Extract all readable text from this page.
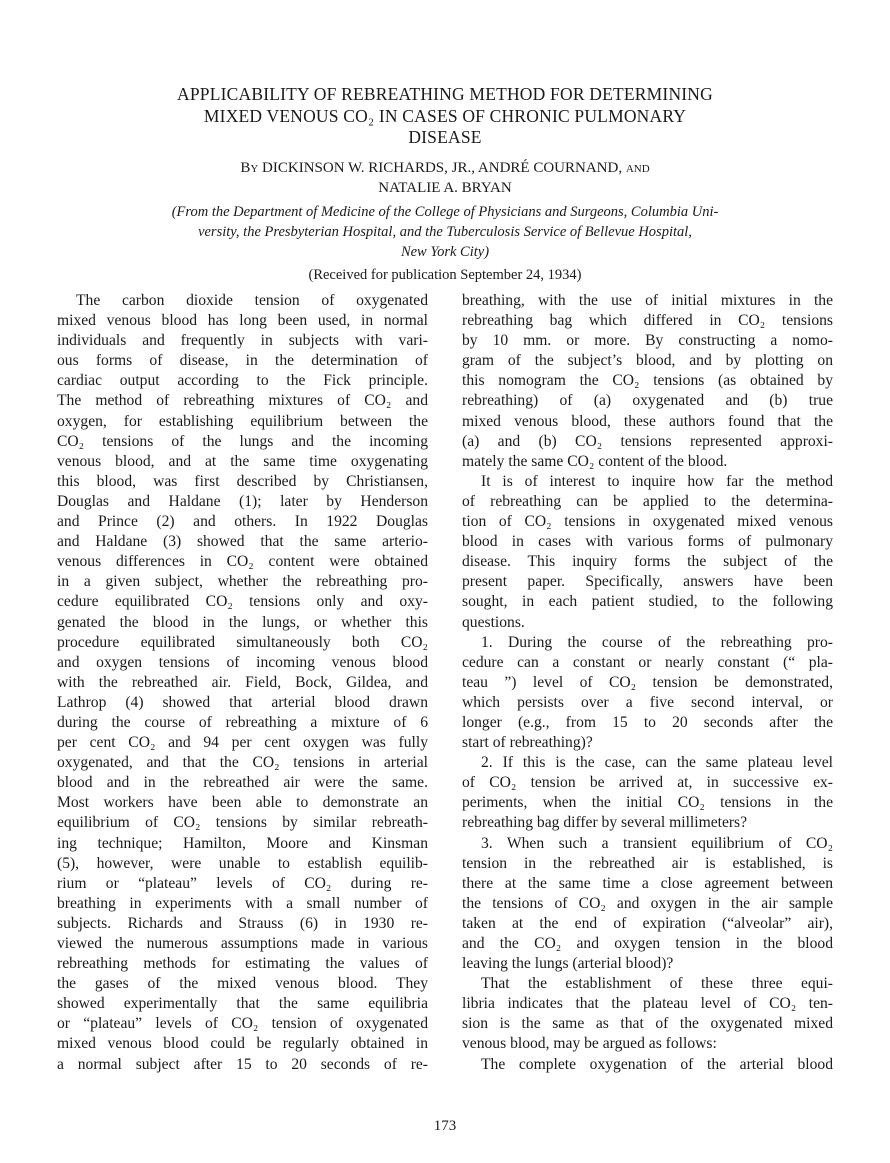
APPLICABILITY OF REBREATHING METHOD FOR DETERMINING
MIXED VENOUS CO₂ IN CASES OF CHRONIC PULMONARY
DISEASE
By DICKINSON W. RICHARDS, JR., ANDRÉ COURNAND, and
NATALIE A. BRYAN
(From the Department of Medicine of the College of Physicians and Surgeons, Columbia Uni-
versity, the Presbyterian Hospital, and the Tuberculosis Service of Bellevue Hospital,
New York City)
(Received for publication September 24, 1934)
The carbon dioxide tension of oxygenated
mixed venous blood has long been used, in normal
individuals and frequently in subjects with vari-
ous forms of disease, in the determination of
cardiac output according to the Fick principle.
The method of rebreathing mixtures of CO₂ and
oxygen, for establishing equilibrium between the
CO₂ tensions of the lungs and the incoming
venous blood, and at the same time oxygenating
this blood, was first described by Christiansen,
Douglas and Haldane (1); later by Henderson
and Prince (2) and others. In 1922 Douglas
and Haldane (3) showed that the same arterio-
venous differences in CO₂ content were obtained
in a given subject, whether the rebreathing pro-
cedure equilibrated CO₂ tensions only and oxy-
genated the blood in the lungs, or whether this
procedure equilibrated simultaneously both CO₂
and oxygen tensions of incoming venous blood
with the rebreathed air. Field, Bock, Gildea, and
Lathrop (4) showed that arterial blood drawn
during the course of rebreathing a mixture of 6
per cent CO₂ and 94 per cent oxygen was fully
oxygenated, and that the CO₂ tensions in arterial
blood and in the rebreathed air were the same.
Most workers have been able to demonstrate an
equilibrium of CO₂ tensions by similar rebreath-
ing technique; Hamilton, Moore and Kinsman
(5), however, were unable to establish equilib-
rium or “plateau” levels of CO₂ during re-
breathing in experiments with a small number of
subjects. Richards and Strauss (6) in 1930 re-
viewed the numerous assumptions made in various
rebreathing methods for estimating the values of
the gases of the mixed venous blood. They
showed experimentally that the same equilibria
or “plateau” levels of CO₂ tension of oxygenated
mixed venous blood could be regularly obtained in
a normal subject after 15 to 20 seconds of re-
breathing, with the use of initial mixtures in the
rebreathing bag which differed in CO₂ tensions
by 10 mm. or more. By constructing a nomo-
gram of the subject’s blood, and by plotting on
this nomogram the CO₂ tensions (as obtained by
rebreathing) of (a) oxygenated and (b) true
mixed venous blood, these authors found that the
(a) and (b) CO₂ tensions represented approxi-
mately the same CO₂ content of the blood.
It is of interest to inquire how far the method
of rebreathing can be applied to the determina-
tion of CO₂ tensions in oxygenated mixed venous
blood in cases with various forms of pulmonary
disease. This inquiry forms the subject of the
present paper. Specifically, answers have been
sought, in each patient studied, to the following
questions.
1. During the course of the rebreathing pro-
cedure can a constant or nearly constant (“ pla-
teau ”) level of CO₂ tension be demonstrated,
which persists over a five second interval, or
longer (e.g., from 15 to 20 seconds after the
start of rebreathing)?
2. If this is the case, can the same plateau level
of CO₂ tension be arrived at, in successive ex-
periments, when the initial CO₂ tensions in the
rebreathing bag differ by several millimeters?
3. When such a transient equilibrium of CO₂
tension in the rebreathed air is established, is
there at the same time a close agreement between
the tensions of CO₂ and oxygen in the air sample
taken at the end of expiration (“alveolar” air),
and the CO₂ and oxygen tension in the blood
leaving the lungs (arterial blood)?
That the establishment of these three equi-
libria indicates that the plateau level of CO₂ ten-
sion is the same as that of the oxygenated mixed
venous blood, may be argued as follows:
The complete oxygenation of the arterial blood
173
